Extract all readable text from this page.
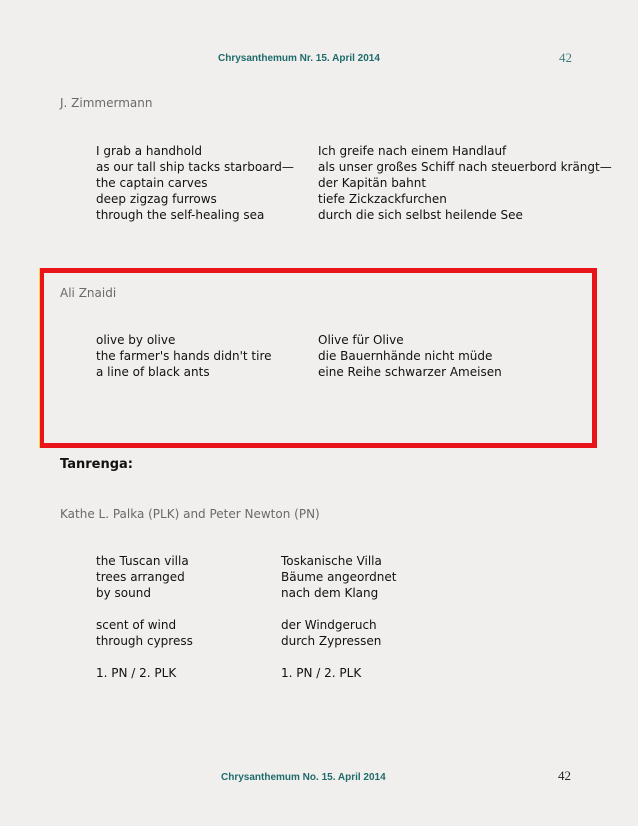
Chrysanthemum Nr. 15. April 2014	42
J. Zimmermann
I grab a handhold
as our tall ship tacks starboard—
the captain carves
deep zigzag furrows
through the self-healing sea
Ich greife nach einem Handlauf
als unser großes Schiff nach steuerbord krängt—
der Kapitän bahnt
tiefe Zickzackfurchen
durch die sich selbst heilende See
Ali Znaidi
olive by olive
the farmer's hands didn't tire
a line of black ants
Olive für Olive
die Bauernhände nicht müde
eine Reihe schwarzer Ameisen
Tanrenga:
Kathe L. Palka (PLK) and Peter Newton (PN)
the Tuscan villa
trees arranged
by sound
scent of wind
through cypress
1. PN / 2. PLK
Toskanische Villa
Bäume angeordnet
nach dem Klang
der Windgeruch
durch Zypressen
1. PN / 2. PLK
Chrysanthemum No. 15. April 2014	42
